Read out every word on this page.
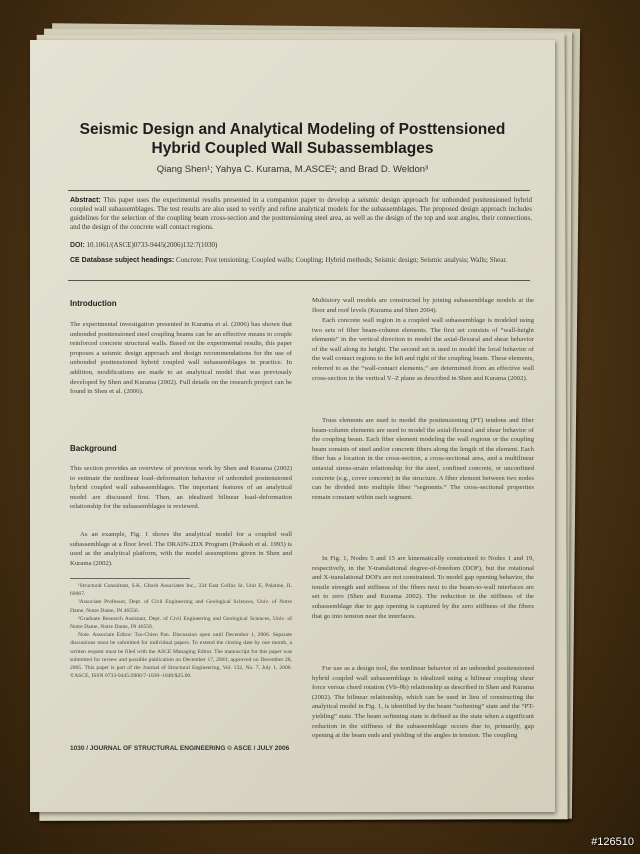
Seismic Design and Analytical Modeling of Posttensioned Hybrid Coupled Wall Subassemblages
Qiang Shen¹; Yahya C. Kurama, M.ASCE²; and Brad D. Weldon³
Abstract: This paper uses the experimental results presented in a companion paper to develop a seismic design approach for unbonded posttensioned hybrid coupled wall subassemblages. The test results are also used to verify and refine analytical models for the subassemblages. The proposed design approach includes guidelines for the selection of the coupling beam cross-section and the posttensioning steel area, as well as the design of the top and seat angles, their connections, and the design of the concrete wall contact regions.
DOI: 10.1061/(ASCE)0733-9445(2006)132:7(1030)
CE Database subject headings: Concrete; Post tensioning; Coupled walls; Coupling; Hybrid methods; Seismic design; Seismic analysis; Walls; Shear.
Introduction

The experimental investigation presented in Kurama et al. (2006) has shown that unbonded posttensioned steel coupling beams can be an effective means to couple reinforced concrete structural walls. Based on the experimental results, this paper proposes a seismic design approach and design recommendations for the use of unbonded posttensioned hybrid coupled wall subassemblages in practice. In addition, modifications are made to an analytical model that was previously developed by Shen and Kurama (2002). Full details on the research project can be found in Shen et al. (2006).

Background

This section provides an overview of previous work by Shen and Kurama (2002) to estimate the nonlinear load–deformation behavior of unbonded posttensioned hybrid coupled wall subassemblages. The important features of an analytical model are discussed first. Then, an idealized bilinear load–deformation relationship for the subassemblages is reviewed.

As an example, Fig. 1 shows the analytical model for a coupled wall subassemblage at a floor level. The DRAIN-2DX Program (Prakash et al. 1993) is used as the analytical platform, with the model assumptions given in Shen and Kurama (2002).

¹Structural Consultant, S.K. Ghosh Associates Inc., 334 East Colfax St. Unit E, Palatine, IL 60067.

²Associate Professor, Dept. of Civil Engineering and Geological Sciences, Univ. of Notre Dame, Notre Dame, IN 46556.

³Graduate Research Assistant, Dept. of Civil Engineering and Geological Sciences, Univ. of Notre Dame, Notre Dame, IN 46556.

Note. Associate Editor: Tso-Chien Pan. Discussion open until December 1, 2006. Separate discussions must be submitted for individual papers. To extend the closing date by one month, a written request must be filed with the ASCE Managing Editor. The manuscript for this paper was submitted for review and possible publication on December 17, 2003; approved on December 28, 2005. This paper is part of the Journal of Structural Engineering, Vol. 132, No. 7, July 1, 2006. ©ASCE, ISSN 0733-9445/2006/7-1030–1040/$25.00.

1030 / JOURNAL OF STRUCTURAL ENGINEERING © ASCE / JULY 2006

Multistory wall models are constructed by joining subassemblage models at the floor and roof levels (Kurama and Shen 2004).

Each concrete wall region in a coupled wall subassemblage is modeled using two sets of fiber beam-column elements. The first set consists of “wall-height elements” in the vertical direction to model the axial-flexural and shear behavior of the wall along its height. The second set is used to model the local behavior of the wall contact regions to the left and right of the coupling beam. These elements, referred to as the “wall-contact elements,” are determined from an effective wall cross-section in the vertical Y–Z plane as described in Shen and Kurama (2002).

Truss elements are used to model the posttensioning (PT) tendons and fiber beam-column elements are used to model the axial-flexural and shear behavior of the coupling beam. Each fiber element modeling the wall regions or the coupling beam consists of steel and/or concrete fibers along the length of the element. Each fiber has a location in the cross-section, a cross-sectional area, and a multilinear uniaxial stress-strain relationship for the steel, confined concrete, or unconfined concrete (e.g., cover concrete) in the structure. A fiber element between two nodes can be divided into multiple fiber “segments.” The cross-sectional properties remain constant within each segment.

In Fig. 1, Nodes 5 and 15 are kinematically constrained to Nodes 1 and 19, respectively, in the Y-translational degree-of-freedom (DOF), but the rotational and X-translational DOFs are not constrained. To model gap opening behavior, the tensile strength and stiffness of the fibers next to the beam-to-wall interfaces are set to zero (Shen and Kurama 2002). The reduction in the stiffness of the subassemblage due to gap opening is captured by the zero stiffness of the fibers that go into tension near the interfaces.

For use as a design tool, the nonlinear behavior of an unbonded posttensioned hybrid coupled wall subassemblage is idealized using a bilinear coupling shear force versus chord rotation (Vb–θb) relationship as described in Shen and Kurama (2002). The bilinear relationship, which can be used in lieu of constructing the analytical model in Fig. 1, is identified by the beam “softening” state and the “PT-yielding” state. The beam softening state is defined as the state when a significant reduction in the stiffness of the subassemblage occurs due to, primarily, gap opening at the beam ends and yielding of the angles in tension. The coupling

#126510
